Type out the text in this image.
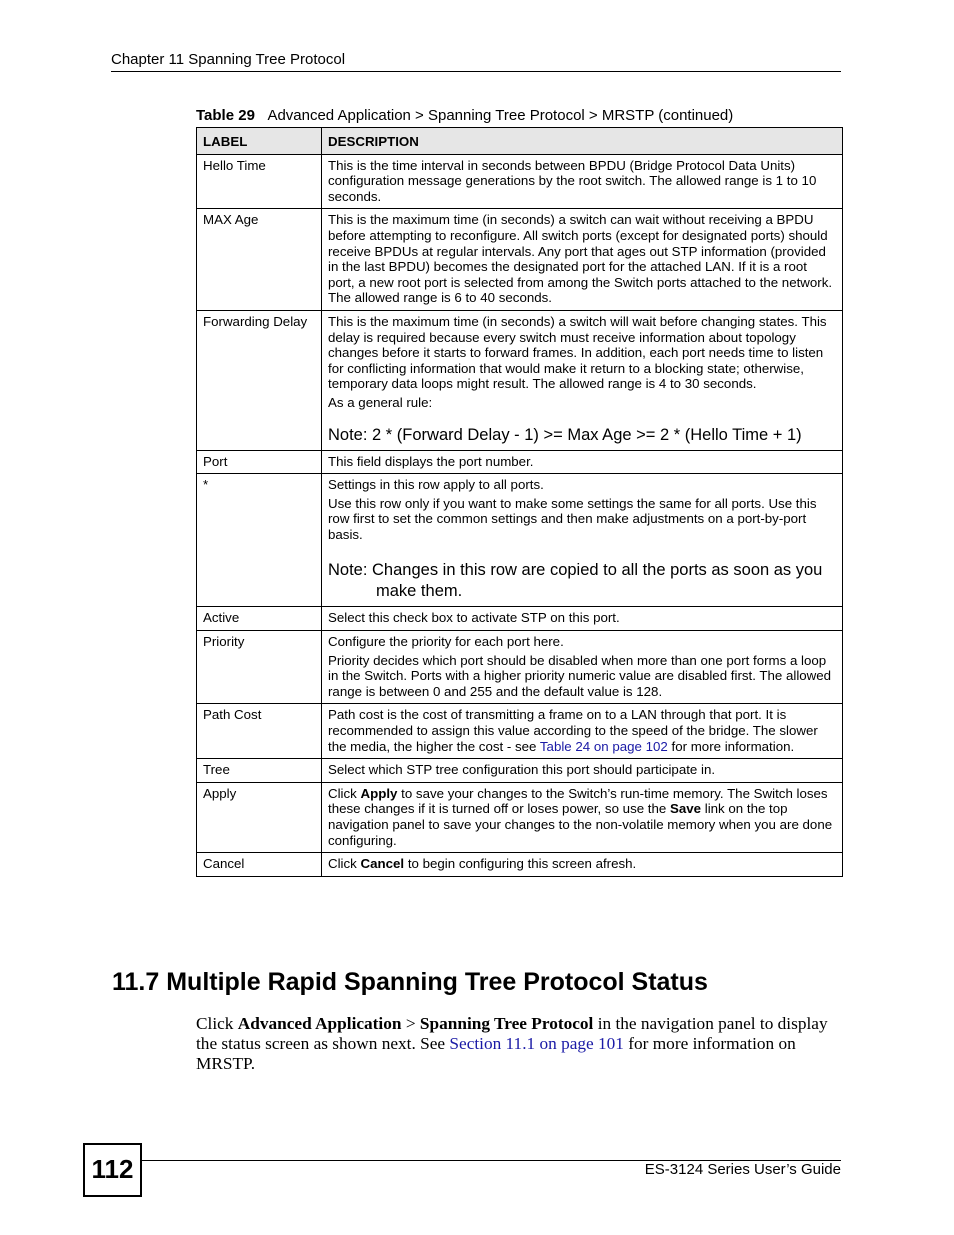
Chapter 11 Spanning Tree Protocol
Table 29 Advanced Application > Spanning Tree Protocol > MRSTP (continued)
LABEL	DESCRIPTION
Hello Time	This is the time interval in seconds between BPDU (Bridge Protocol Data Units) configuration message generations by the root switch. The allowed range is 1 to 10 seconds.

MAX Age	This is the maximum time (in seconds) a switch can wait without receiving a BPDU before attempting to reconfigure. All switch ports (except for designated ports) should receive BPDUs at regular intervals. Any port that ages out STP information (provided in the last BPDU) becomes the designated port for the attached LAN. If it is a root port, a new root port is selected from among the Switch ports attached to the network. The allowed range is 6 to 40 seconds.

Forwarding Delay	This is the maximum time (in seconds) a switch will wait before changing states. This delay is required because every switch must receive information about topology changes before it starts to forward frames. In addition, each port needs time to listen for conflicting information that would make it return to a blocking state; otherwise, temporary data loops might result. The allowed range is 4 to 30 seconds.

As a general rule:

Note: 2 * (Forward Delay - 1) >= Max Age >= 2 * (Hello Time + 1)

Port	This field displays the port number.

*	Settings in this row apply to all ports.

Use this row only if you want to make some settings the same for all ports. Use this row first to set the common settings and then make adjustments on a port-by-port basis.

Note: Changes in this row are copied to all the ports as soon as you make them.

Active	Select this check box to activate STP on this port.

Priority	Configure the priority for each port here.

Priority decides which port should be disabled when more than one port forms a loop in the Switch. Ports with a higher priority numeric value are disabled first. The allowed range is between 0 and 255 and the default value is 128.

Path Cost	Path cost is the cost of transmitting a frame on to a LAN through that port. It is recommended to assign this value according to the speed of the bridge. The slower the media, the higher the cost - see Table 24 on page 102 for more information.

Tree	Select which STP tree configuration this port should participate in.

Apply	Click Apply to save your changes to the Switch’s run-time memory. The Switch loses these changes if it is turned off or loses power, so use the Save link on the top navigation panel to save your changes to the non-volatile memory when you are done configuring.

Cancel	Click Cancel to begin configuring this screen afresh.

11.7 Multiple Rapid Spanning Tree Protocol Status

Click Advanced Application > Spanning Tree Protocol in the navigation panel to display the status screen as shown next. See Section 11.1 on page 101 for more information on MRSTP.

112	ES-3124 Series User’s Guide
